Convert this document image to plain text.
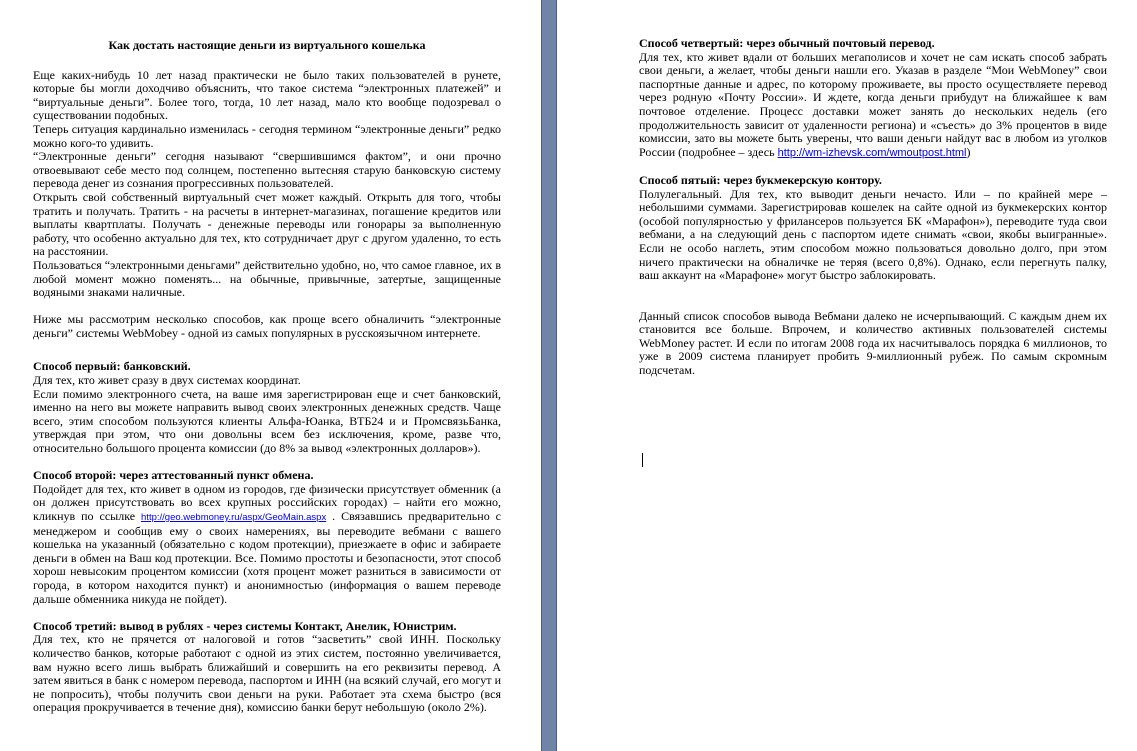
Как достать настоящие деньги из виртуального кошелька

Еще каких-нибудь 10 лет назад практически не было таких пользователей в рунете, которые бы могли доходчиво объяснить, что такое система “электронных платежей” и “виртуальные деньги”. Более того, тогда, 10 лет назад, мало кто вообще подозревал о существовании подобных.

Теперь ситуация кардинально изменилась - сегодня термином “электронные деньги” редко можно кого-то удивить.

“Электронные деньги” сегодня называют “свершившимся фактом”, и они прочно отвоевывают себе место под солнцем, постепенно вытесняя старую банковскую систему перевода денег из сознания прогрессивных пользователей.

Открыть свой собственный виртуальный счет может каждый. Открыть для того, чтобы тратить и получать. Тратить - на расчеты в интернет-магазинах, погашение кредитов или выплаты квартплаты. Получать - денежные переводы или гонорары за выполненную работу, что особенно актуально для тех, кто сотрудничает друг с другом удаленно, то есть на расстоянии.

Пользоваться “электронными деньгами” действительно удобно, но, что самое главное, их в любой момент можно поменять... на обычные, привычные, затертые, защищенные водяными знаками наличные.

Ниже мы рассмотрим несколько способов, как проще всего обналичить “электронные деньги” системы WebMobey - одной из самых популярных в русскоязычном интернете.

Способ первый: банковский.

Для тех, кто живет сразу в двух системах координат.

Если помимо электронного счета, на ваше имя зарегистрирован еще и счет банковский, именно на него вы можете направить вывод своих электронных денежных средств. Чаще всего, этим способом пользуются клиенты Альфа-Юанка, ВТБ24 и и ПромсвязьБанка, утверждая при этом, что они довольны всем без исключения, кроме, разве что, относительно большого процента комиссии (до 8% за вывод «электронных долларов»).

Способ второй: через аттестованный пункт обмена.

Подойдет для тех, кто живет в одном из городов, где физически присутствует обменник (а он должен присутствовать во всех крупных российских городах) – найти его можно, кликнув по ссылке http://geo.webmoney.ru/aspx/GeoMain.aspx . Связавшись предварительно с менеджером и сообщив ему о своих намерениях, вы переводите вебмани с вашего кошелька на указанный (обязательно с кодом протекции), приезжаете в офис и забираете деньги в обмен на Ваш код протекции. Все. Помимо простоты и безопасности, этот способ хорош невысоким процентом комиссии (хотя процент может разниться в зависимости от города, в котором находится пункт) и анонимностью (информация о вашем переводе дальше обменника никуда не пойдет).

Способ третий: вывод в рублях - через системы Контакт, Анелик, Юнистрим.

Для тех, кто не прячется от налоговой и готов “засветить” свой ИНН. Поскольку количество банков, которые работают с одной из этих систем, постоянно увеличивается, вам нужно всего лишь выбрать ближайший и совершить на его реквизиты перевод. А затем явиться в банк с номером перевода, паспортом и ИНН (на всякий случай, его могут и не попросить), чтобы получить свои деньги на руки. Работает эта схема быстро (вся операция прокручивается в течение дня), комиссию банки берут небольшую (около 2%).

Способ четвертый: через обычный почтовый перевод.

Для тех, кто живет вдали от больших мегаполисов и хочет не сам искать способ забрать свои деньги, а желает, чтобы деньги нашли его. Указав в разделе “Мои WebMoney” свои паспортные данные и адрес, по которому проживаете, вы просто осуществляете перевод через родную «Почту России». И ждете, когда деньги прибудут на ближайшее к вам почтовое отделение. Процесс доставки может занять до нескольких недель (его продолжительность зависит от удаленности региона) и «съесть» до 3% процентов в виде комиссии, зато вы можете быть уверены, что ваши деньги найдут вас в любом из уголков России (подробнее – здесь http://wm-izhevsk.com/wmoutpost.html)

Способ пятый: через букмекерскую контору.

Полулегальный. Для тех, кто выводит деньги нечасто. Или – по крайней мере – небольшими суммами. Зарегистрировав кошелек на сайте одной из букмекерских контор (особой популярностью у фрилансеров пользуется БК «Марафон»), переводите туда свои вебмани, а на следующий день с паспортом идете снимать «свои, якобы выигранные». Если не особо наглеть, этим способом можно пользоваться довольно долго, при этом ничего практически на обналичке не теряя (всего 0,8%). Однако, если перегнуть палку, ваш аккаунт на «Марафоне» могут быстро заблокировать.

Данный список способов вывода Вебмани далеко не исчерпывающий. С каждым днем их становится все больше. Впрочем, и количество активных пользователей системы WebMoney растет. И если по итогам 2008 года их насчитывалось порядка 6 миллионов, то уже в 2009 система планирует пробить 9-миллионный рубеж. По самым скромным подсчетам.
